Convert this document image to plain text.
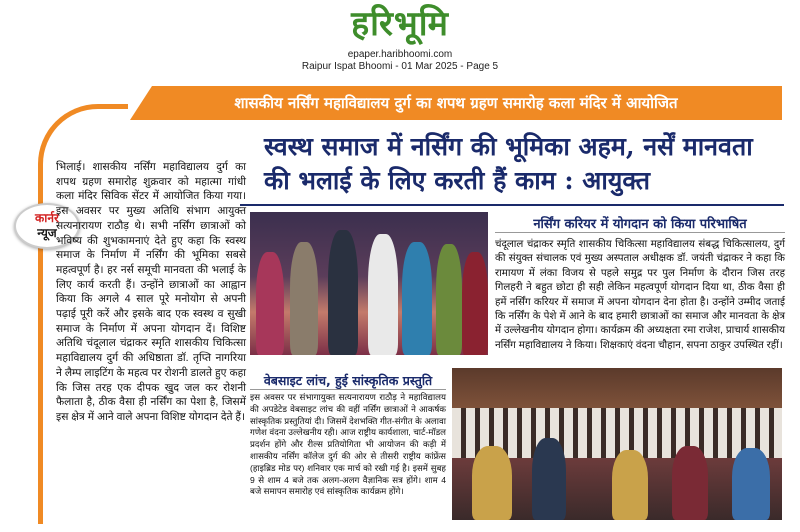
हरिभूमि
epaper.haribhoomi.com
Raipur Ispat Bhoomi - 01 Mar 2025 - Page 5
शासकीय नर्सिंग महाविद्यालय दुर्ग का शपथ ग्रहण समारोह कला मंदिर में आयोजित
स्वस्थ समाज में नर्सिंग की भूमिका अहम, नर्सें मानवता की भलाई के लिए करती हैं काम : आयुक्त
कार्नर
न्यूज
भिलाई। शासकीय नर्सिंग महाविद्यालय दुर्ग का शपथ ग्रहण समारोह शुक्रवार को महात्मा गांधी कला मंदिर सिविक सेंटर में आयोजित किया गया। इस अवसर पर मुख्य अतिथि संभाग आयुक्त सत्यनारायण राठौड़ थे। सभी नर्सिंग छात्राओं को भविष्य की शुभकामनाएं देते हुए कहा कि स्वस्थ समाज के निर्माण में नर्सिंग की भूमिका सबसे महत्वपूर्ण है। हर नर्स समूची मानवता की भलाई के लिए कार्य करती हैं। उन्होंने छात्राओं का आह्वान किया कि अगले 4 साल पूरे मनोयोग से अपनी पढ़ाई पूरी करें और इसके बाद एक स्वस्थ व सुखी समाज के निर्माण में अपना योगदान दें। विशिष्ट अतिथि चंदूलाल चंद्राकर स्मृति शासकीय चिकित्सा महाविद्यालय दुर्ग की अधिष्ठाता डॉ. तृप्ति नागरिया ने लैम्प लाइटिंग के महत्व पर रोशनी डालते हुए कहा कि जिस तरह एक दीपक खुद जल कर रोशनी फैलाता है, ठीक वैसा ही नर्सिंग का पेशा है, जिसमें इस क्षेत्र में आने वाले अपना विशिष्ट योगदान देते हैं।
नर्सिंग करियर में योगदान को किया परिभाषित
चंदूलाल चंद्राकर स्मृति शासकीय चिकित्सा महाविद्यालय संबद्ध चिकित्सालय, दुर्ग की संयुक्त संचालक एवं मुख्य अस्पताल अधीक्षक डॉ. जयंती चंद्राकर ने कहा कि रामायण में लंका विजय से पहले समुद्र पर पुल निर्माण के दौरान जिस तरह गिलहरी ने बहुत छोटा ही सही लेकिन महत्वपूर्ण योगदान दिया था, ठीक वैसा ही हमें नर्सिंग करियर में समाज में अपना योगदान देना होता है। उन्होंने उम्मीद जताई कि नर्सिंग के पेशे में आने के बाद हमारी छात्राओं का समाज और मानवता के क्षेत्र में उल्लेखनीय योगदान होगा। कार्यक्रम की अध्यक्षता रमा राजेश, प्राचार्य शासकीय नर्सिंग महाविद्यालय ने किया। शिक्षकाएं वंदना चौहान, सपना ठाकुर उपस्थित रहीं।
वेबसाइट लांच, हुई सांस्कृतिक प्रस्तुति
इस अवसर पर संभागायुक्त सत्यनारायण राठौड़ ने महाविद्यालय की अपडेटेड वेबसाइट लांच की वहीं नर्सिंग छात्राओं ने आकर्षक सांस्कृतिक प्रस्तुतियां दी। जिसमें देशभक्ति गीत-संगीत के अलावा गणेश वंदना उल्लेखनीय रही। आज राष्ट्रीय कार्यशाला, चार्ट-मॉडल प्रदर्शन होंगे और रील्स प्रतियोगिता भी आयोजन की कड़ी में शासकीय नर्सिंग कॉलेज दुर्ग की ओर से तीसरी राष्ट्रीय कांफ्रेंस (हाइब्रिड मोड पर) शनिवार एक मार्च को रखी गई है। इसमें सुबह 9 से शाम 4 बजे तक अलग-अलग वैज्ञानिक सत्र होंगे। शाम 4 बजे समापन समारोह एवं सांस्कृतिक कार्यक्रम होंगे।
